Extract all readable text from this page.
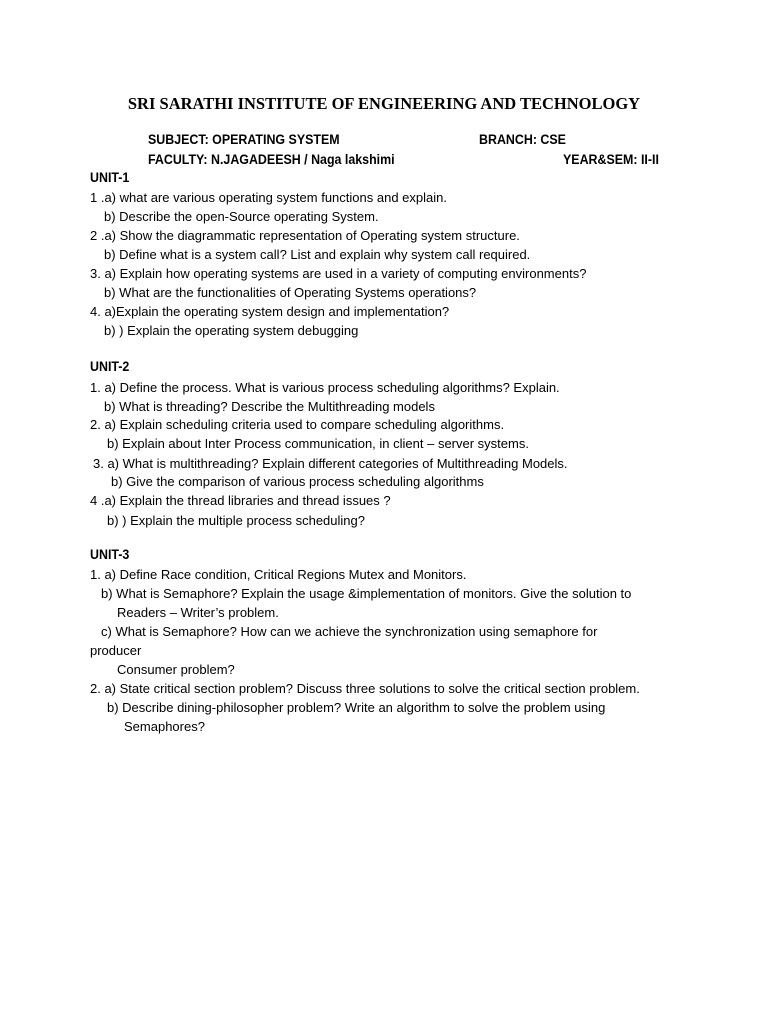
SRI SARATHI INSTITUTE OF ENGINEERING AND TECHNOLOGY
SUBJECT: OPERATING SYSTEM	BRANCH: CSE
FACULTY: N.JAGADEESH / Naga lakshimi	YEAR&SEM: II-II
UNIT-1
1 .a) what are various operating system functions and explain.
b) Describe the open-Source operating System.
2 .a) Show the diagrammatic representation of Operating system structure.
b) Define what is a system call? List and explain why system call required.
3. a) Explain how operating systems are used in a variety of computing environments?
b) What are the functionalities of Operating Systems operations?
4. a)Explain the operating system design and implementation?
b) ) Explain the operating system debugging
UNIT-2
1. a) Define the process. What is various process scheduling algorithms? Explain.
b) What is threading? Describe the Multithreading models
2. a) Explain scheduling criteria used to compare scheduling algorithms.
b) Explain about Inter Process communication, in client – server systems.
3. a) What is multithreading? Explain different categories of Multithreading Models.
b) Give the comparison of various process scheduling algorithms
4 .a) Explain the thread libraries and thread issues ?
b) ) Explain the multiple process scheduling?
UNIT-3
1. a) Define Race condition, Critical Regions Mutex and Monitors.
b) What is Semaphore? Explain the usage &implementation of monitors. Give the solution to
Readers – Writer’s problem.
c) What is Semaphore? How can we achieve the synchronization using semaphore for
producer
Consumer problem?
2. a) State critical section problem? Discuss three solutions to solve the critical section problem.
b) Describe dining-philosopher problem? Write an algorithm to solve the problem using
Semaphores?
